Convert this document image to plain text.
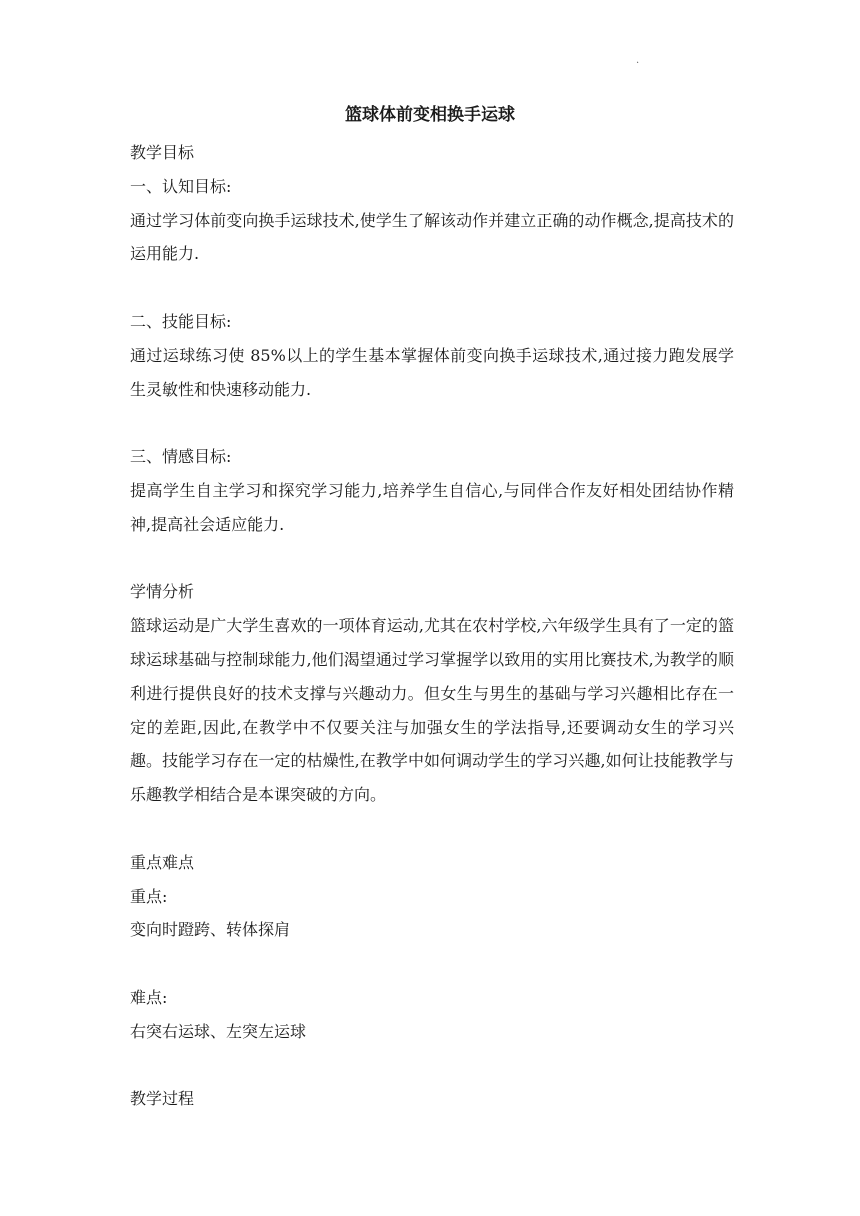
.
篮球体前变相换手运球
教学目标
一、认知目标:
通过学习体前变向换手运球技术,使学生了解该动作并建立正确的动作概念,提高技术的运用能力.
二、技能目标:
通过运球练习使 85%以上的学生基本掌握体前变向换手运球技术,通过接力跑发展学生灵敏性和快速移动能力.
三、情感目标:
提高学生自主学习和探究学习能力,培养学生自信心,与同伴合作友好相处团结协作精神,提高社会适应能力.
学情分析
篮球运动是广大学生喜欢的一项体育运动,尤其在农村学校,六年级学生具有了一定的篮球运球基础与控制球能力,他们渴望通过学习掌握学以致用的实用比赛技术,为教学的顺利进行提供良好的技术支撑与兴趣动力。但女生与男生的基础与学习兴趣相比存在一定的差距,因此,在教学中不仅要关注与加强女生的学法指导,还要调动女生的学习兴趣。技能学习存在一定的枯燥性,在教学中如何调动学生的学习兴趣,如何让技能教学与乐趣教学相结合是本课突破的方向。
重点难点
重点:
变向时蹬跨、转体探肩
难点:
右突右运球、左突左运球
教学过程
